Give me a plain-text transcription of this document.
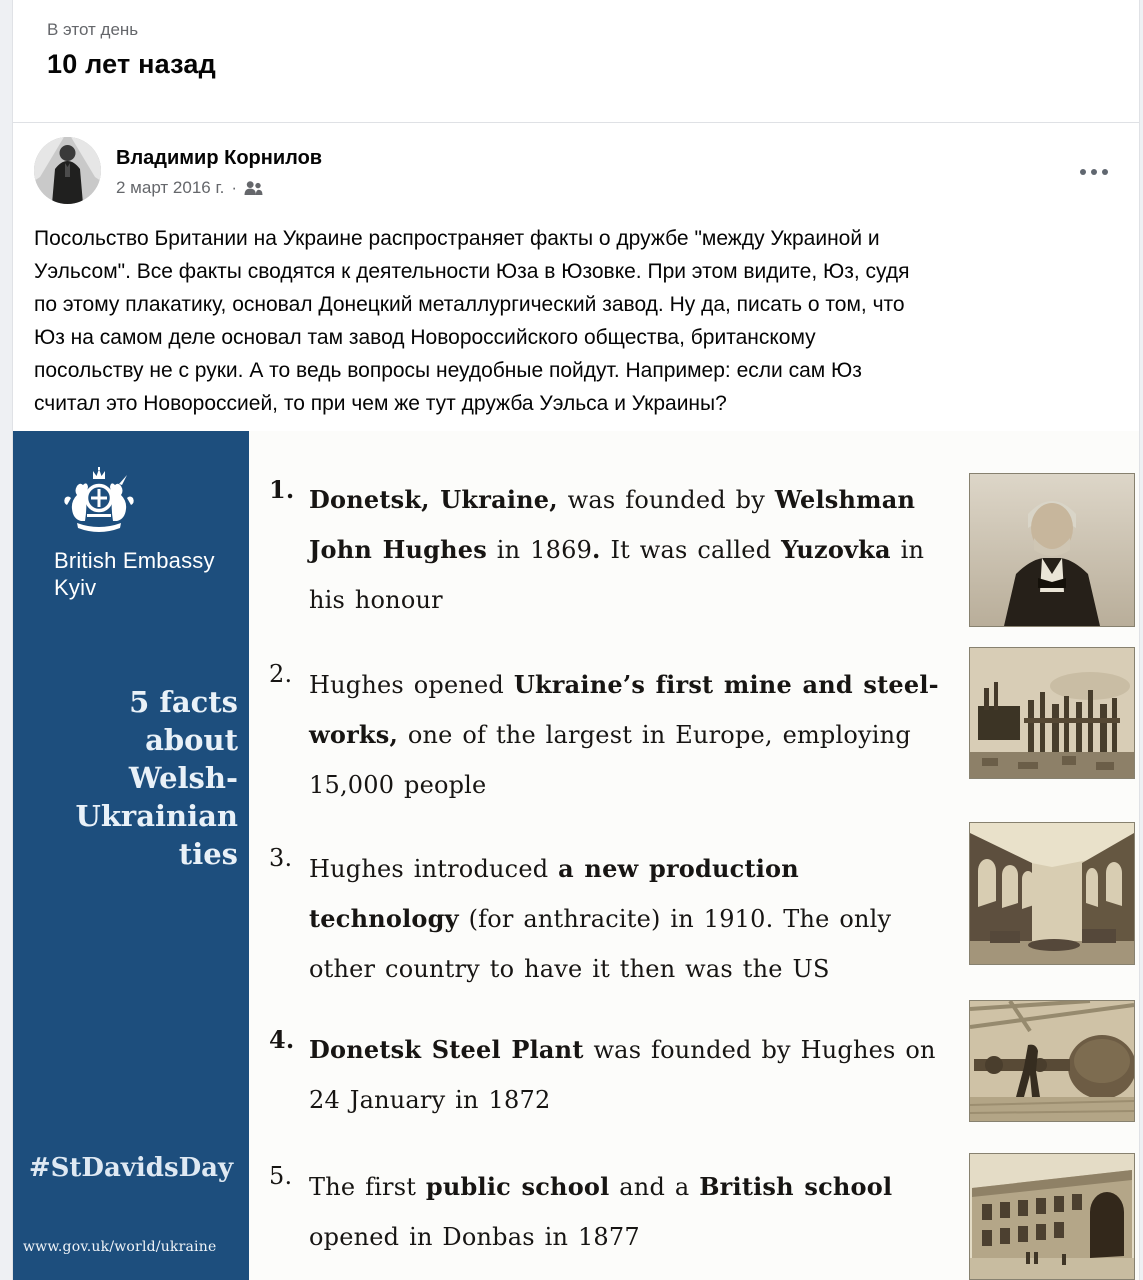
В этот день
10 лет назад
Владимир Корнилов
2 март 2016 г. ·
Посольство Британии на Украине распространяет факты о дружбе "между Украиной и
Уэльсом". Все факты сводятся к деятельности Юза в Юзовке. При этом видите, Юз, судя
по этому плакатику, основал Донецкий металлургический завод. Ну да, писать о том, что
Юз на самом деле основал там завод Новороссийского общества, британскому
посольству не с руки. А то ведь вопросы неудобные пойдут. Например: если сам Юз
считал это Новороссией, то при чем же тут дружба Уэльса и Украины?
British Embassy
Kyiv
5 facts
about
Welsh-
Ukrainian
ties
#StDavidsDay
www.gov.uk/world/ukraine
1. Donetsk, Ukraine, was founded by Welshman
John Hughes in 1869. It was called Yuzovka in
his honour
2. Hughes opened Ukraine’s first mine and steel-
works, one of the largest in Europe, employing
15,000 people
3. Hughes introduced a new production
technology (for anthracite) in 1910. The only
other country to have it then was the US
4. Donetsk Steel Plant was founded by Hughes on
24 January in 1872
5. The first public school and a British school
opened in Donbas in 1877
